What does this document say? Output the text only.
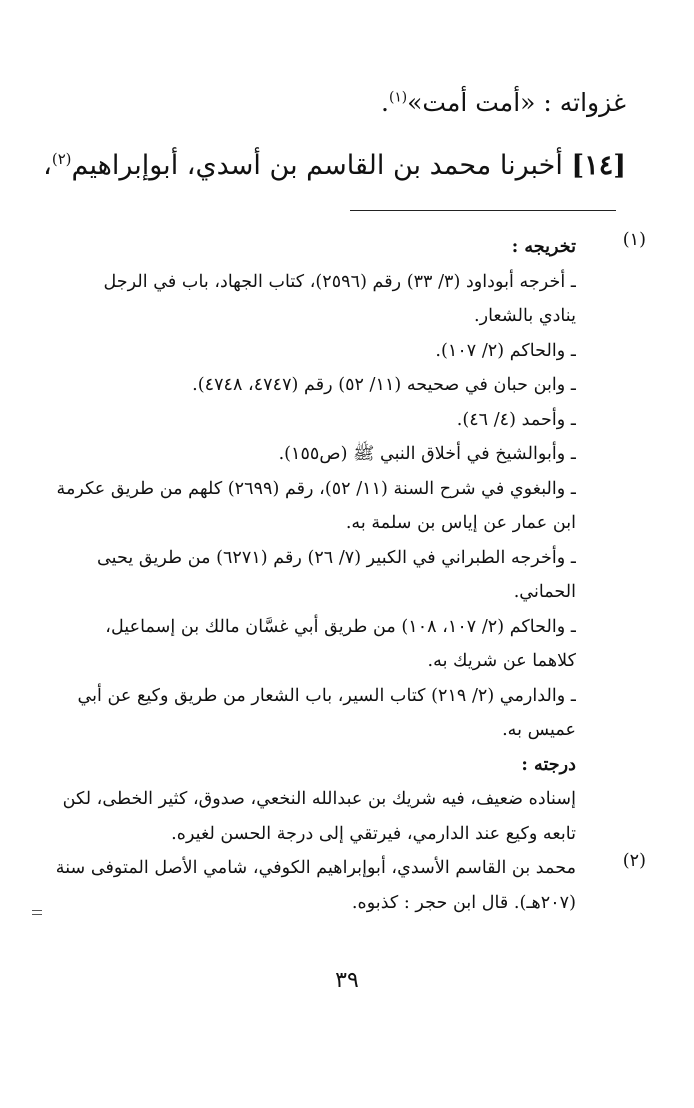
غزواته : «أمت أمت»$^{(١)}$.
[١٤] أخبرنا محمد بن القاسم بن أسدي، أبوإبراهيم$^{(٢)}$،
(١)
تخريجه :
ـ أخرجه أبوداود (٣/ ٣٣) رقم (٢٥٩٦)، كتاب الجهاد، باب في الرجل
ينادي بالشعار.
ـ والحاكم (٢/ ١٠٧).
ـ وابن حبان في صحيحه (١١/ ٥٢) رقم (٤٧٤٧، ٤٧٤٨).
ـ وأحمد (٤/ ٤٦).
ـ وأبوالشيخ في أخلاق النبي ﷺ (ص١٥٥).
ـ والبغوي في شرح السنة (١١/ ٥٢)، رقم (٢٦٩٩) كلهم من طريق عكرمة
ابن عمار عن إياس بن سلمة به.
ـ وأخرجه الطبراني في الكبير (٧/ ٢٦) رقم (٦٢٧١) من طريق يحيى
الحماني.
ـ والحاكم (٢/ ١٠٧، ١٠٨) من طريق أبي غسَّان مالك بن إسماعيل،
كلاهما عن شريك به.
ـ والدارمي (٢/ ٢١٩) كتاب السير، باب الشعار من طريق وكيع عن أبي
عميس به.
درجته :
إسناده ضعيف، فيه شريك بن عبدالله النخعي، صدوق، كثير الخطى، لكن
تابعه وكيع عند الدارمي، فيرتقي إلى درجة الحسن لغيره.
(٢)
محمد بن القاسم الأسدي، أبوإبراهيم الكوفي، شامي الأصل المتوفى سنة
(٢٠٧هـ). قال ابن حجر : كذبوه.
٣٩
